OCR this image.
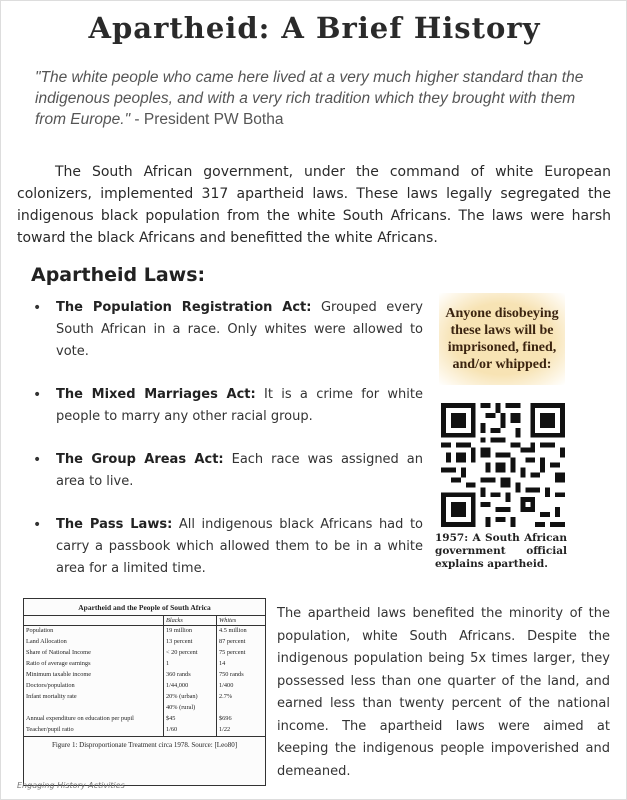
Apartheid: A Brief History
"The white people who came here lived at a very much higher standard than the indigenous peoples, and with a very rich tradition which they brought with them from Europe." - President PW Botha
The South African government, under the command of white European colonizers, implemented 317 apartheid laws. These laws legally segregated the indigenous black population from the white South Africans. The laws were harsh toward the black Africans and benefitted the white Africans.
Apartheid Laws:
• The Population Registration Act: Grouped every South African in a race. Only whites were allowed to vote.
• The Mixed Marriages Act: It is a crime for white people to marry any other racial group.
• The Group Areas Act: Each race was assigned an area to live.
• The Pass Laws: All indigenous black Africans had to carry a passbook which allowed them to be in a white area for a limited time.
Anyone disobeying these laws will be imprisoned, fined, and/or whipped:
1957: A South African government official explains apartheid.
Apartheid and the People of South Africa
	Blacks	Whites
Population	19 million	4.5 million
Land Allocation	13 percent	87 percent
Share of National Income	< 20 percent	75 percent
Ratio of average earnings	1	14
Minimum taxable income	360 rands	750 rands
Doctors/population	1/44,000	1/400
Infant mortality rate	20% (urban)	2.7%
	40% (rural)	
Annual expenditure on education per pupil	$45	$696
Teacher/pupil ratio	1/60	1/22
Figure 1: Disproportionate Treatment circa 1978. Source: [Leo80]
Engaging History Activities
The apartheid laws benefited the minority of the population, white South Africans. Despite the indigenous population being 5x times larger, they possessed less than one quarter of the land, and earned less than twenty percent of the national income. The apartheid laws were aimed at keeping the indigenous people impoverished and demeaned.
